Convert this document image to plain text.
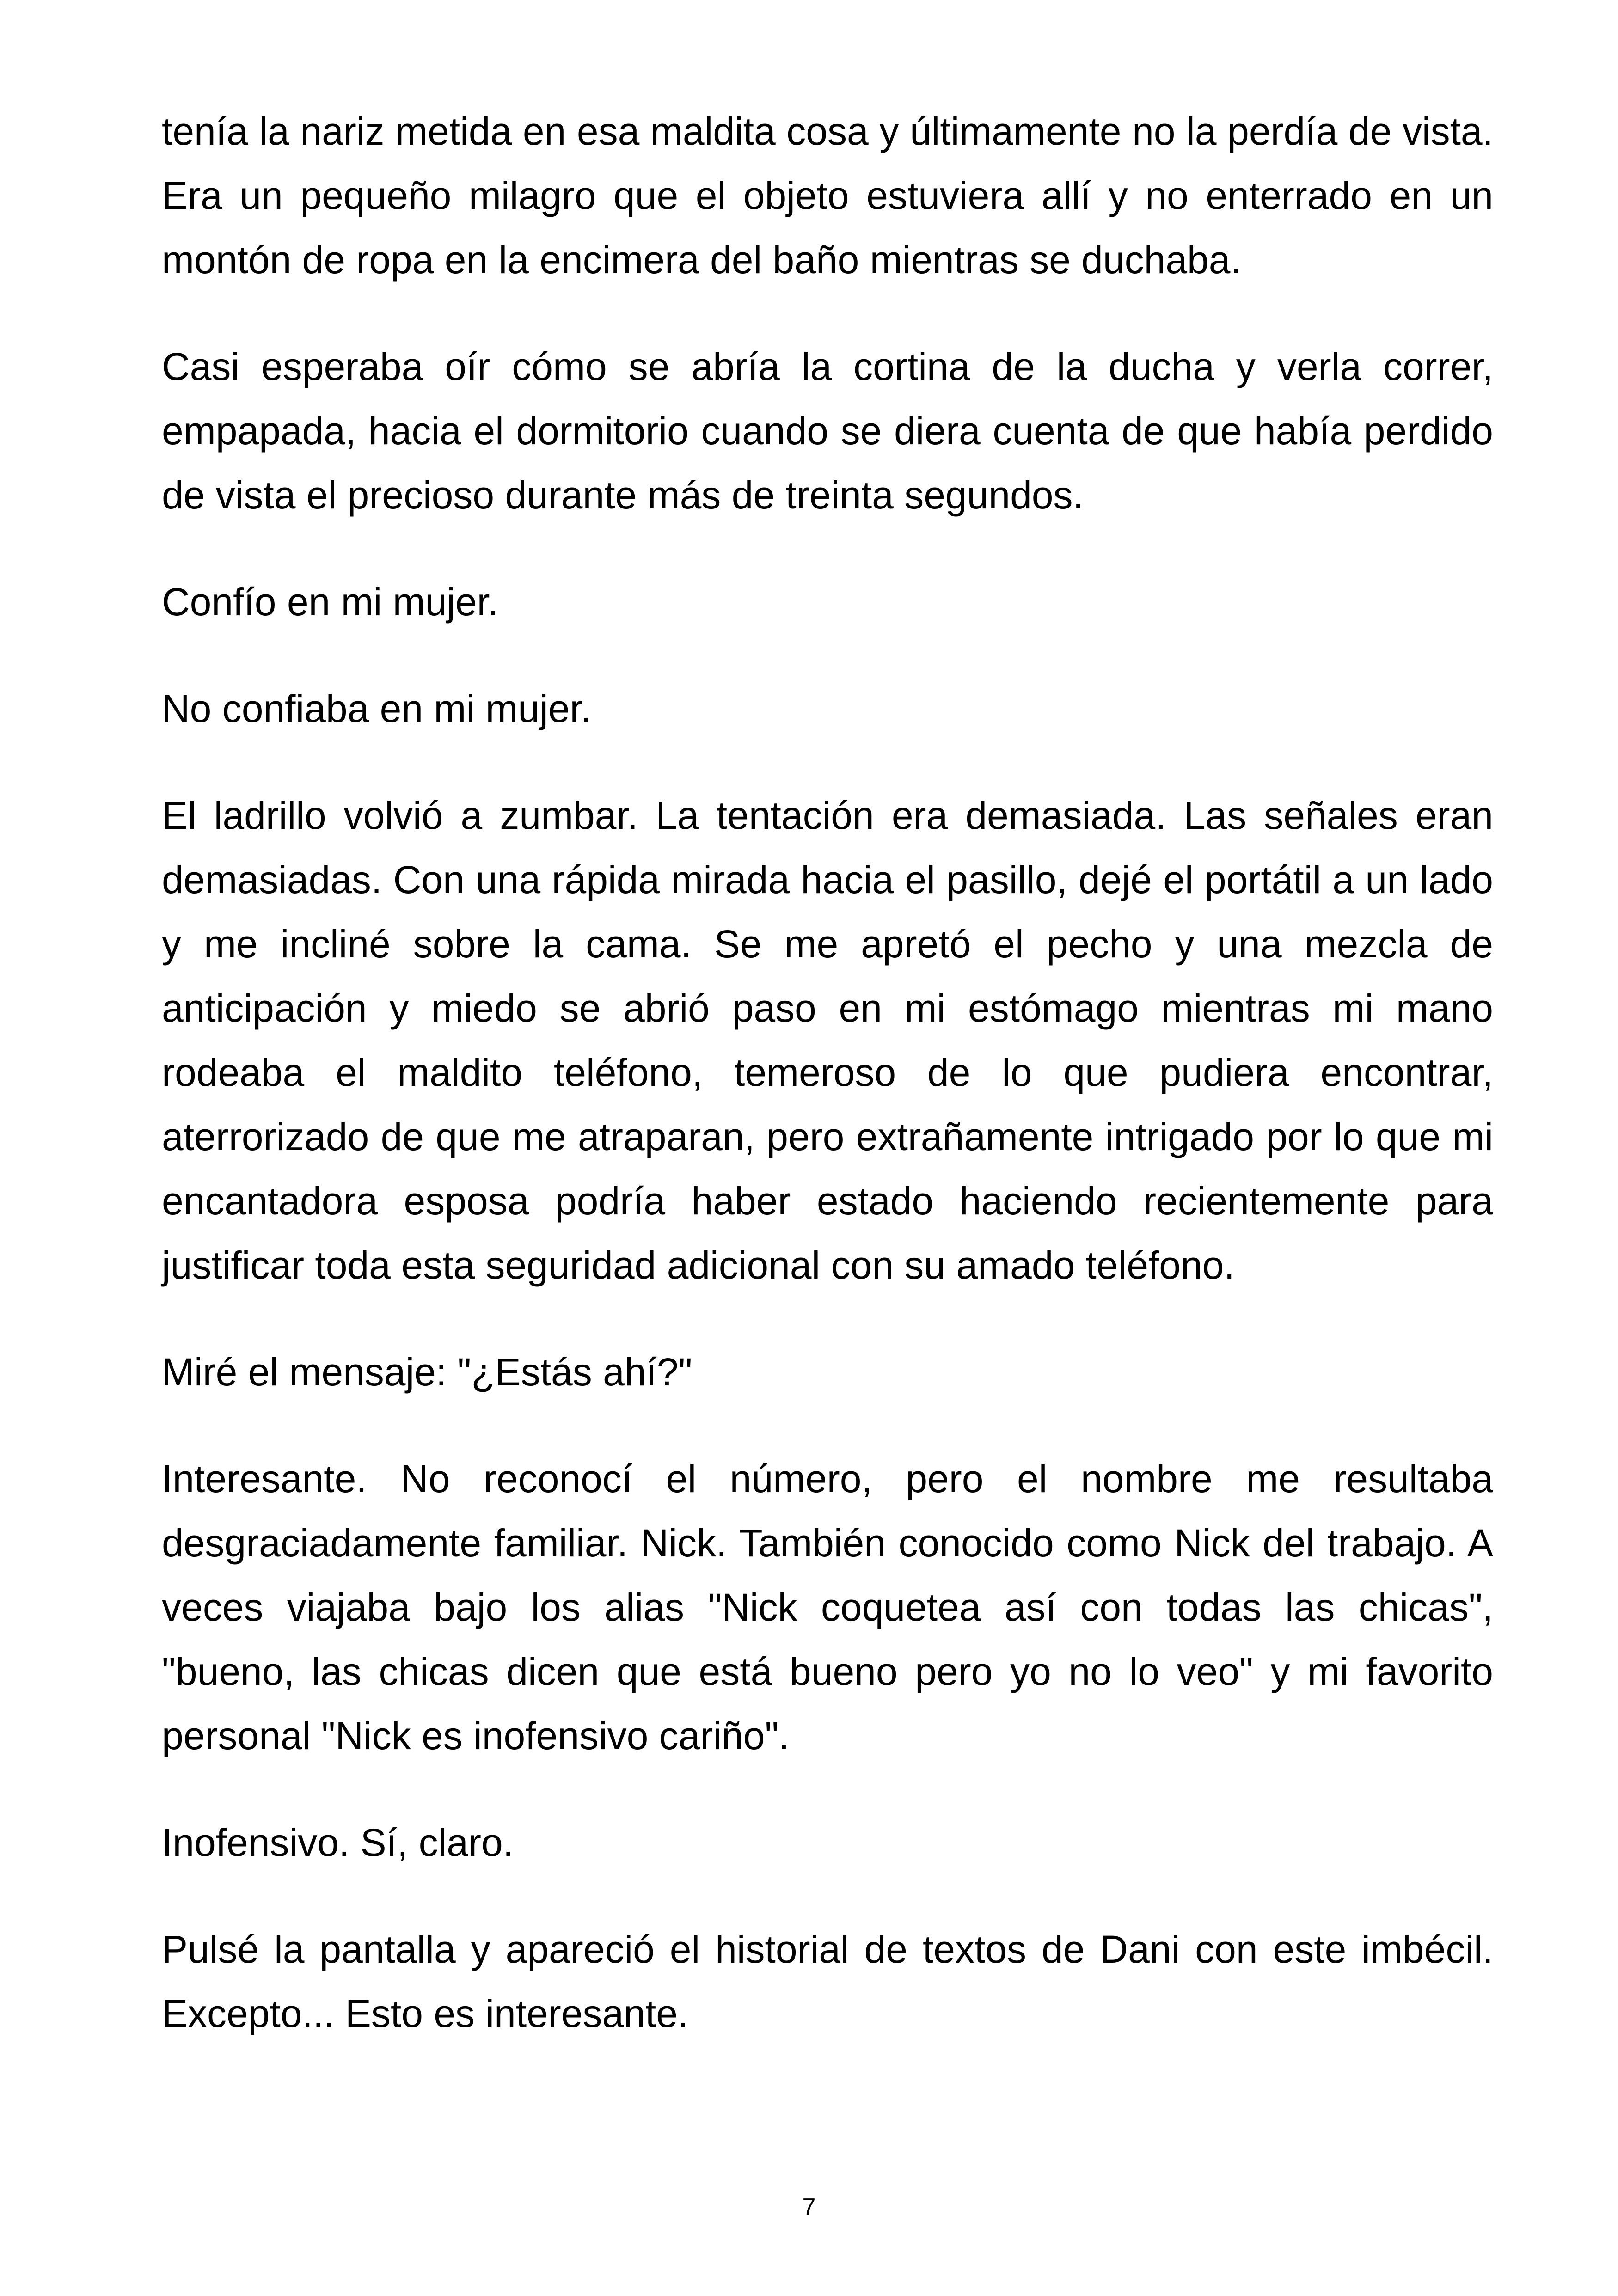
tenía la nariz metida en esa maldita cosa y últimamente no la perdía de vista. Era un pequeño milagro que el objeto estuviera allí y no enterrado en un montón de ropa en la encimera del baño mientras se duchaba.

Casi esperaba oír cómo se abría la cortina de la ducha y verla correr, empapada, hacia el dormitorio cuando se diera cuenta de que había perdido de vista el precioso durante más de treinta segundos.

Confío en mi mujer.

No confiaba en mi mujer.

El ladrillo volvió a zumbar. La tentación era demasiada. Las señales eran demasiadas. Con una rápida mirada hacia el pasillo, dejé el portátil a un lado y me incliné sobre la cama. Se me apretó el pecho y una mezcla de anticipación y miedo se abrió paso en mi estómago mientras mi mano rodeaba el maldito teléfono, temeroso de lo que pudiera encontrar, aterrorizado de que me atraparan, pero extrañamente intrigado por lo que mi encantadora esposa podría haber estado haciendo recientemente para justificar toda esta seguridad adicional con su amado teléfono.

Miré el mensaje: "¿Estás ahí?"

Interesante. No reconocí el número, pero el nombre me resultaba desgraciadamente familiar. Nick. También conocido como Nick del trabajo. A veces viajaba bajo los alias "Nick coquetea así con todas las chicas", "bueno, las chicas dicen que está bueno pero yo no lo veo" y mi favorito personal "Nick es inofensivo cariño".

Inofensivo. Sí, claro.

Pulsé la pantalla y apareció el historial de textos de Dani con este imbécil. Excepto... Esto es interesante.

7
